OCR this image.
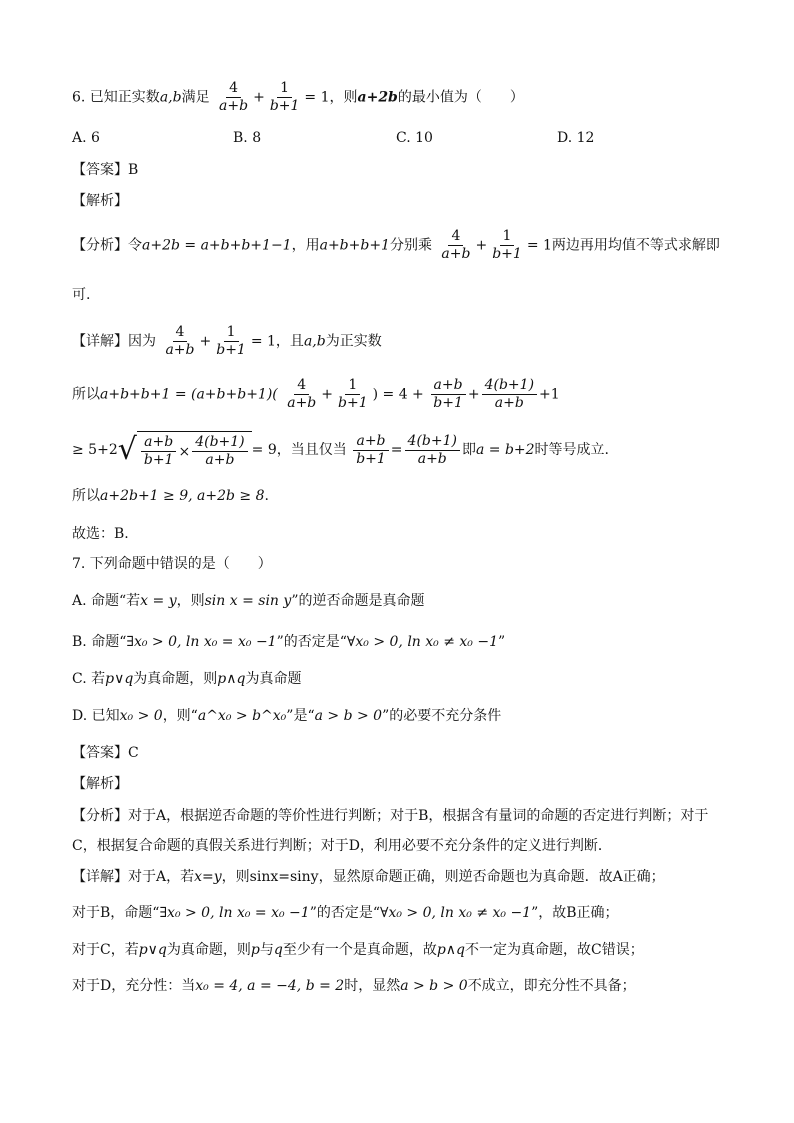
6. 已知正实数a,b满足 $\frac{4}{a+b} + \frac{1}{b+1} = 1$，则a+2b的最小值为（　　）
A. 6	B. 8	C. 10	D. 12
【答案】B
【解析】
【分析】令a+2b = a+b+b+1−1，用a+b+b+1分别乘 $\frac{4}{a+b} + \frac{1}{b+1} = 1$两边再用均值不等式求解即
可.
【详解】因为 $\frac{4}{a+b} + \frac{1}{b+1} = 1$，且a,b为正实数
所以$a+b+b+1 = (a+b+b+1)( \frac{4}{a+b} + \frac{1}{b+1}$ ) = $4 + \frac{a+b}{b+1} + \frac{4(b+1)}{a+b} +1$
≥ 5+2 √ $\frac{a+b}{b+1} \times \frac{4(b+1)}{a+b} = 9$，当且仅当 $\frac{a+b}{b+1} = \frac{4(b+1)}{a+b}$ 即a = b+2时等号成立.
所以a+2b+1 ≥ 9, a+2b ≥ 8.
故选：B.
7. 下列命题中错误的是（　　）
A. 命题“若x = y，则sin x = sin y”的逆否命题是真命题
B. 命题“∃x₀ > 0, ln x₀ = x₀ −1”的否定是“∀x₀ > 0, ln x₀ ≠ x₀ −1”
C. 若p∨q为真命题，则p∧q为真命题
D. 已知x₀ > 0，则“a^x₀ > b^x₀”是“a > b > 0”的必要不充分条件
【答案】C
【解析】
【分析】对于A，根据逆否命题的等价性进行判断；对于B，根据含有量词的命题的否定进行判断；对于
C，根据复合命题的真假关系进行判断；对于D，利用必要不充分条件的定义进行判断．
【详解】对于A，若x=y，则sinx=siny，显然原命题正确，则逆否命题也为真命题．故A正确；
对于B，命题“∃x₀ > 0, ln x₀ = x₀ −1”的否定是“∀x₀ > 0, ln x₀ ≠ x₀ −1”，故B正确；
对于C，若p∨q为真命题，则p与q至少有一个是真命题，故p∧q不一定为真命题，故C错误；
对于D，充分性：当x₀ = 4, a = −4, b = 2时，显然a > b > 0不成立，即充分性不具备；
